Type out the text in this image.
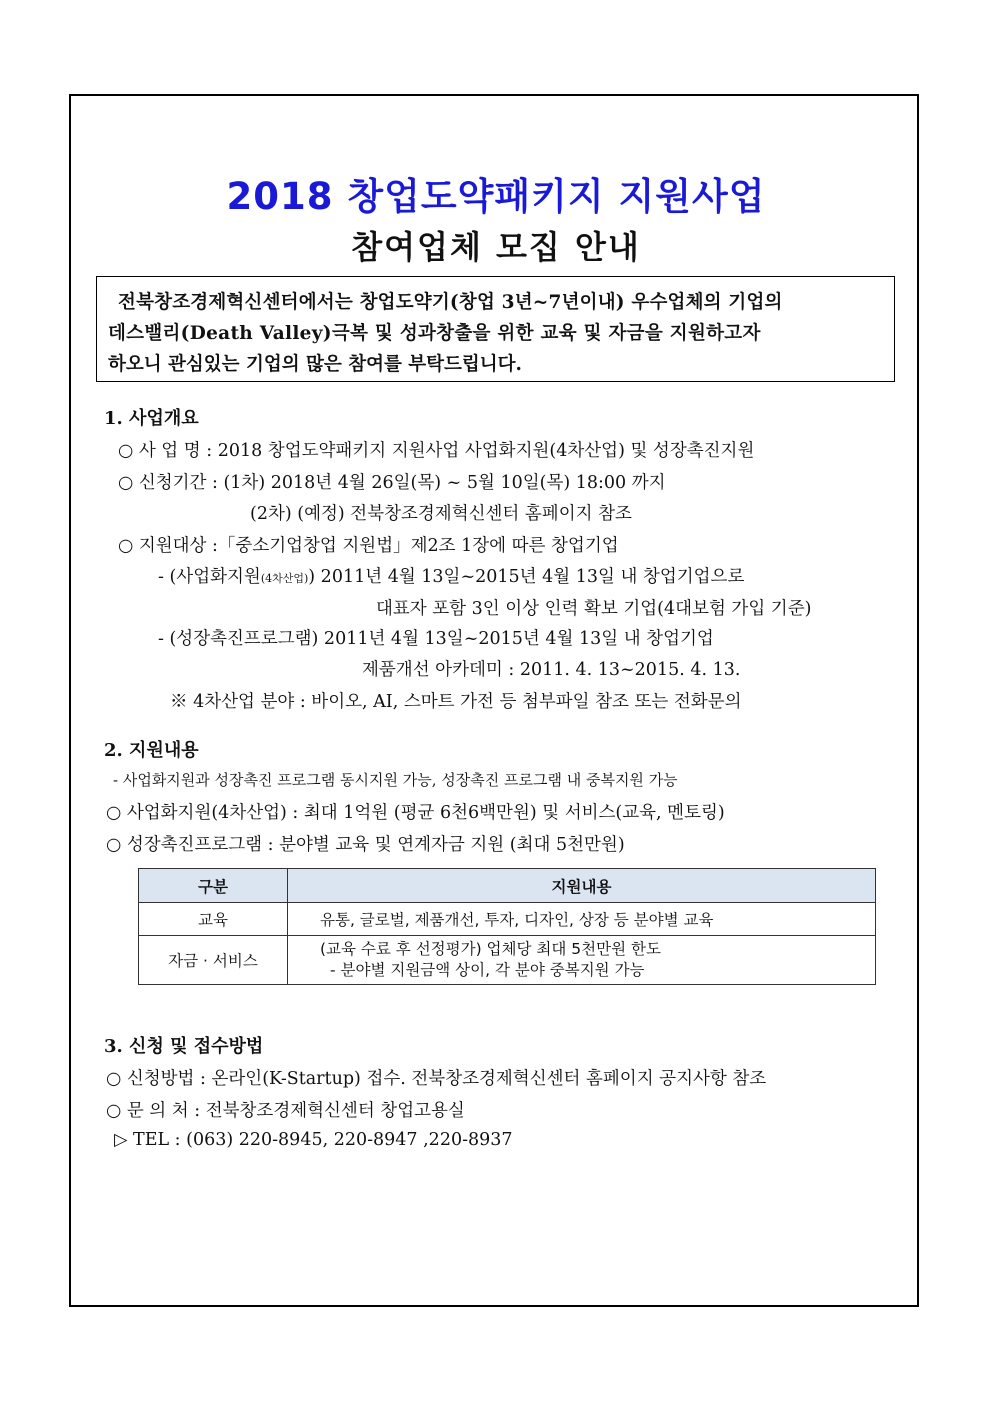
2018 창업도약패키지 지원사업
참여업체 모집 안내
전북창조경제혁신센터에서는 창업도약기(창업 3년~7년이내) 우수업체의 기업의
데스밸리(Death Valley)극복 및 성과창출을 위한 교육 및 자금을 지원하고자
하오니 관심있는 기업의 많은 참여를 부탁드립니다.
1. 사업개요
○ 사 업 명 : 2018 창업도약패키지 지원사업 사업화지원(4차산업) 및 성장촉진지원
○ 신청기간 : (1차) 2018년 4월 26일(목) ~ 5월 10일(목) 18:00 까지
(2차) (예정) 전북창조경제혁신센터 홈페이지 참조
○ 지원대상 :「중소기업창업 지원법」제2조 1장에 따른 창업기업
- (사업화지원(4차산업)) 2011년 4월 13일~2015년 4월 13일 내 창업기업으로
대표자 포함 3인 이상 인력 확보 기업(4대보험 가입 기준)
- (성장촉진프로그램) 2011년 4월 13일~2015년 4월 13일 내 창업기업
제품개선 아카데미 : 2011. 4. 13~2015. 4. 13.
※ 4차산업 분야 : 바이오, AI, 스마트 가전 등 첨부파일 참조 또는 전화문의
2. 지원내용
- 사업화지원과 성장촉진 프로그램 동시지원 가능, 성장촉진 프로그램 내 중복지원 가능
○ 사업화지원(4차산업) : 최대 1억원 (평균 6천6백만원) 및 서비스(교육, 멘토링)
○ 성장촉진프로그램 : 분야별 교육 및 연계자금 지원 (최대 5천만원)
구분	지원내용
교육	유통, 글로벌, 제품개선, 투자, 디자인, 상장 등 분야별 교육
자금 · 서비스	(교육 수료 후 선정평가) 업체당 최대 5천만원 한도
- 분야별 지원금액 상이, 각 분야 중복지원 가능
3. 신청 및 접수방법
○ 신청방법 : 온라인(K-Startup) 접수. 전북창조경제혁신센터 홈페이지 공지사항 참조
○ 문 의 처 : 전북창조경제혁신센터 창업고용실
▷ TEL : (063) 220-8945, 220-8947 ,220-8937
